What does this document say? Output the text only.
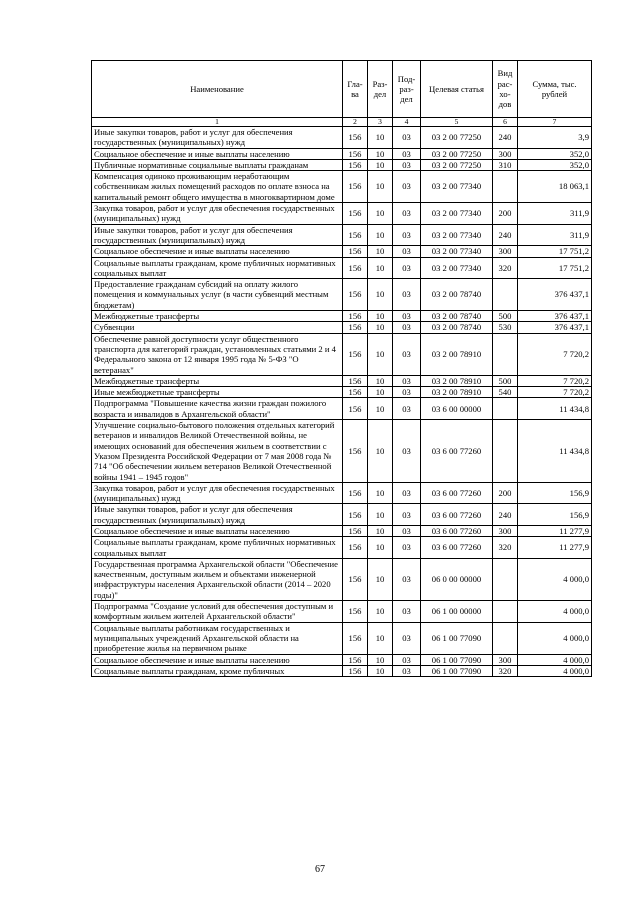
Наименование	Гла-ва	Раз-дел	Под-раз-дел	Целевая статья	Вид рас-хо-дов	Сумма, тыс. рублей
1	2	3	4	5	6	7
Иные закупки товаров, работ и услуг для обеспечения государственных (муниципальных) нужд	156	10	03	03 2 00 77250	240	3,9
Социальное обеспечение и иные выплаты населению	156	10	03	03 2 00 77250	300	352,0
Публичные нормативные социальные выплаты гражданам	156	10	03	03 2 00 77250	310	352,0
Компенсация одиноко проживающим неработающим собственникам жилых помещений расходов по оплате взноса на капитальный ремонт общего имущества в многоквартирном доме	156	10	03	03 2 00 77340		18 063,1
Закупка товаров, работ и услуг для обеспечения государственных (муниципальных) нужд	156	10	03	03 2 00 77340	200	311,9
Иные закупки товаров, работ и услуг для обеспечения государственных (муниципальных) нужд	156	10	03	03 2 00 77340	240	311,9
Социальное обеспечение и иные выплаты населению	156	10	03	03 2 00 77340	300	17 751,2
Социальные выплаты гражданам, кроме публичных нормативных социальных выплат	156	10	03	03 2 00 77340	320	17 751,2
Предоставление гражданам субсидий на оплату жилого помещения и коммунальных услуг (в части субвенций местным бюджетам)	156	10	03	03 2 00 78740		376 437,1
Межбюджетные трансферты	156	10	03	03 2 00 78740	500	376 437,1
Субвенции	156	10	03	03 2 00 78740	530	376 437,1
Обеспечение равной доступности услуг общественного транспорта для категорий граждан, установленных статьями 2 и 4 Федерального закона от 12 января 1995 года № 5-ФЗ "О ветеранах"	156	10	03	03 2 00 78910		7 720,2
Межбюджетные трансферты	156	10	03	03 2 00 78910	500	7 720,2
Иные межбюджетные трансферты	156	10	03	03 2 00 78910	540	7 720,2
Подпрограмма "Повышение качества жизни граждан пожилого возраста и инвалидов в Архангельской области"	156	10	03	03 6 00 00000		11 434,8
Улучшение социально-бытового положения отдельных категорий ветеранов и инвалидов Великой Отечественной войны, не имеющих оснований для обеспечения жильем в соответствии с Указом Президента Российской Федерации от 7 мая 2008 года № 714 "Об обеспечении жильем ветеранов Великой Отечественной войны 1941 – 1945 годов"	156	10	03	03 6 00 77260		11 434,8
Закупка товаров, работ и услуг для обеспечения государственных (муниципальных) нужд	156	10	03	03 6 00 77260	200	156,9
Иные закупки товаров, работ и услуг для обеспечения государственных (муниципальных) нужд	156	10	03	03 6 00 77260	240	156,9
Социальное обеспечение и иные выплаты населению	156	10	03	03 6 00 77260	300	11 277,9
Социальные выплаты гражданам, кроме публичных нормативных социальных выплат	156	10	03	03 6 00 77260	320	11 277,9
Государственная программа Архангельской области "Обеспечение качественным, доступным жильем и объектами инженерной инфраструктуры населения Архангельской области (2014 – 2020 годы)"	156	10	03	06 0 00 00000		4 000,0
Подпрограмма "Создание условий для обеспечения доступным и комфортным жильем жителей Архангельской области"	156	10	03	06 1 00 00000		4 000,0
Социальные выплаты работникам государственных и муниципальных учреждений Архангельской области на приобретение жилья на первичном рынке	156	10	03	06 1 00 77090		4 000,0
Социальное обеспечение и иные выплаты населению	156	10	03	06 1 00 77090	300	4 000,0
Социальные выплаты гражданам, кроме публичных	156	10	03	06 1 00 77090	320	4 000,0
67
